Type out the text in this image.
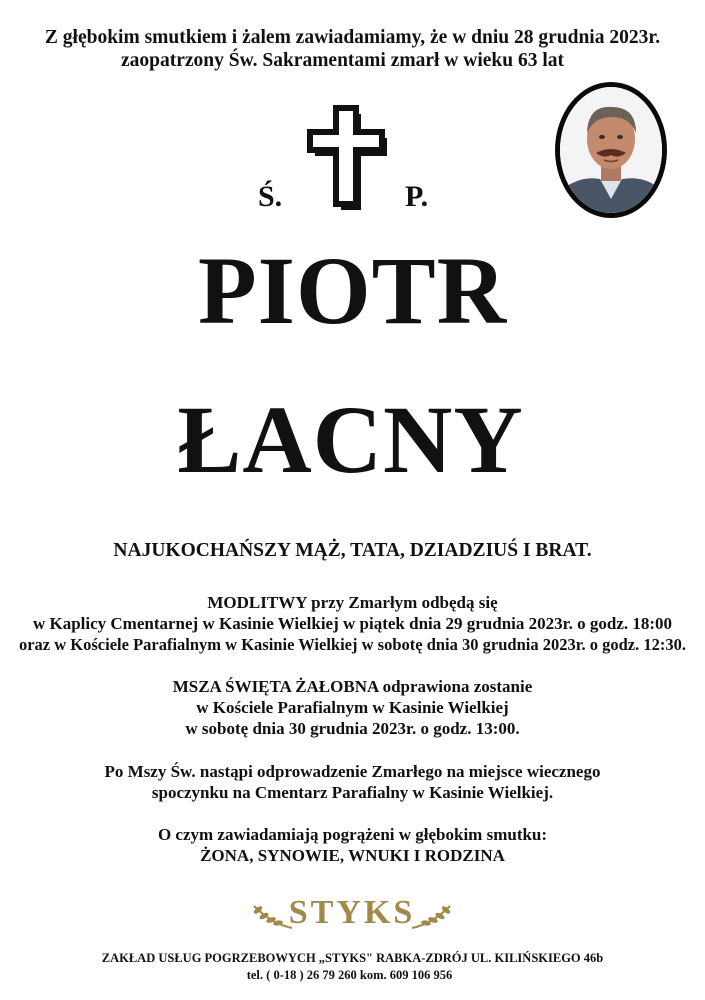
Z głębokim smutkiem i żalem zawiadamiamy, że w dniu 28 grudnia 2023r.
zaopatrzony Św. Sakramentami zmarł w wieku 63 lat
Ś.	P.
PIOTR
ŁACNY
NAJUKOCHAŃSZY MĄŻ, TATA, DZIADZIUŚ I BRAT.
MODLITWY przy Zmarłym odbędą się
w Kaplicy Cmentarnej w Kasinie Wielkiej w piątek dnia 29 grudnia 2023r. o godz. 18:00
oraz w Kościele Parafialnym w Kasinie Wielkiej w sobotę dnia 30 grudnia 2023r. o godz. 12:30.
MSZA ŚWIĘTA ŻAŁOBNA odprawiona zostanie
w Kościele Parafialnym w Kasinie Wielkiej
w sobotę dnia 30 grudnia 2023r. o godz. 13:00.
Po Mszy Św. nastąpi odprowadzenie Zmarłego na miejsce wiecznego
spoczynku na Cmentarz Parafialny w Kasinie Wielkiej.
O czym zawiadamiają pogrążeni w głębokim smutku:
ŻONA, SYNOWIE, WNUKI I RODZINA
STYKS
ZAKŁAD USŁUG POGRZEBOWYCH „STYKS" RABKA-ZDRÓJ UL. KILIŃSKIEGO 46b
tel. ( 0-18 ) 26 79 260 kom. 609 106 956
